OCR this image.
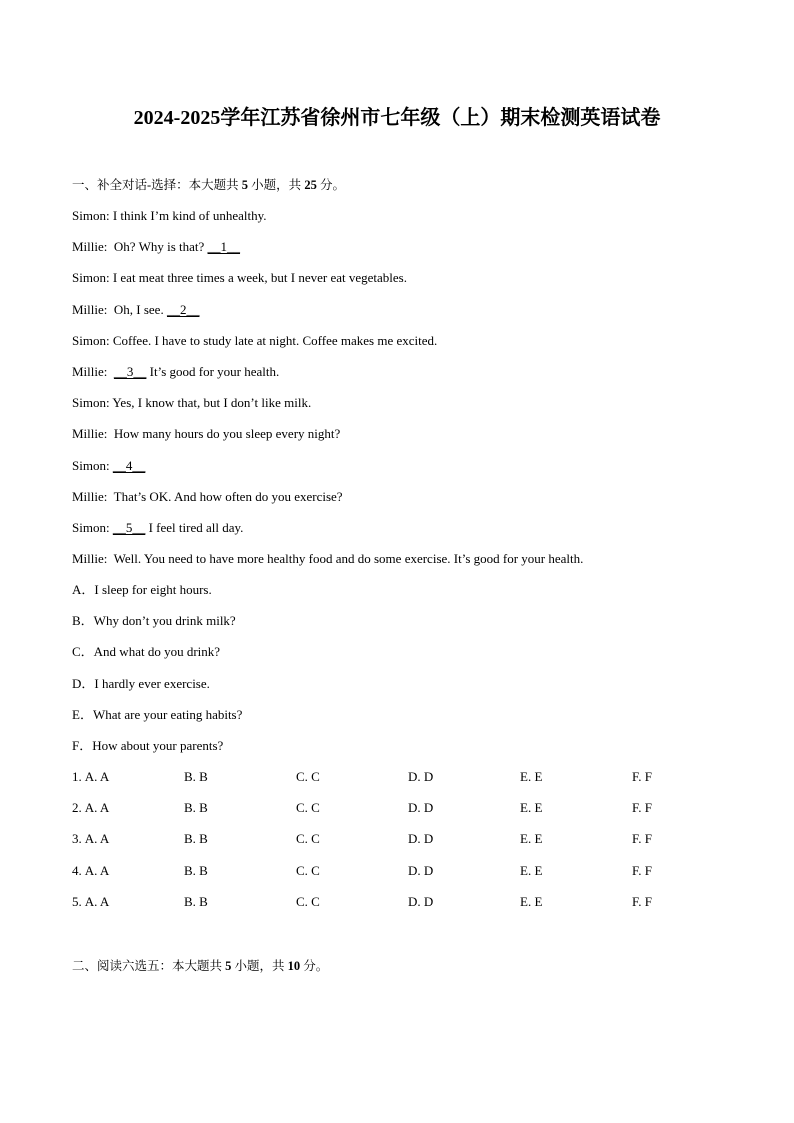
2024-2025学年江苏省徐州市七年级（上）期末检测英语试卷

一、补全对话-选择：本大题共 5 小题，共 25 分。

Simon: I think I’m kind of unhealthy.

Millie:  Oh? Why is that? __1__

Simon: I eat meat three times a week, but I never eat vegetables.

Millie:  Oh, I see. __2__

Simon: Coffee. I have to study late at night. Coffee makes me excited.

Millie: __3__ It’s good for your health.

Simon: Yes, I know that, but I don’t like milk.

Millie:  How many hours do you sleep every night?

Simon: __4__

Millie:  That’s OK. And how often do you exercise?

Simon: __5__ I feel tired all day.

Millie:  Well. You need to have more healthy food and do some exercise. It’s good for your health.

A．I sleep for eight hours.

B．Why don’t you drink milk?

C．And what do you drink?

D．I hardly ever exercise.

E．What are your eating habits?

F．How about your parents?

1. A. A	B. B	C. C	D. D	E. E	F. F
2. A. A	B. B	C. C	D. D	E. E	F. F
3. A. A	B. B	C. C	D. D	E. E	F. F
4. A. A	B. B	C. C	D. D	E. E	F. F
5. A. A	B. B	C. C	D. D	E. E	F. F

二、阅读六选五：本大题共 5 小题，共 10 分。
